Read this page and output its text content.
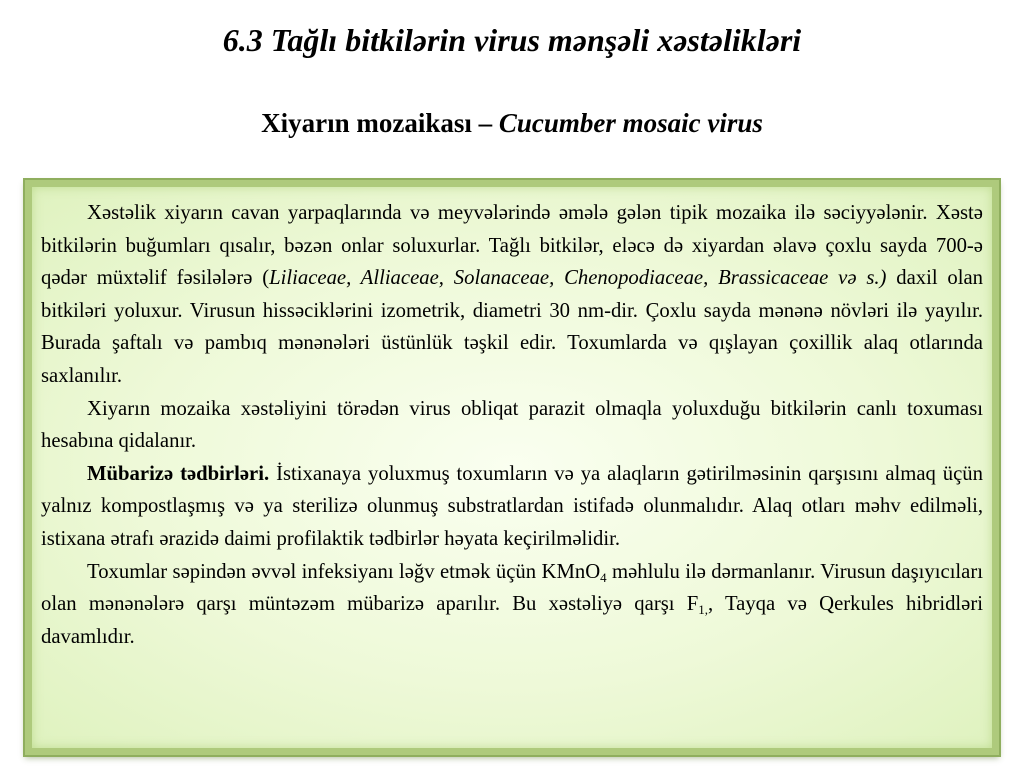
6.3 Tağlı bitkilərin virus mənşəli xəstəlikləri
Xiyarın mozaikası – Cucumber mosaic virus

Xəstəlik xiyarın cavan yarpaqlarında və meyvələrində əmələ gələn tipik mozaika ilə səciyyələnir. Xəstə bitkilərin buğumları qısalır, bəzən onlar soluxurlar. Tağlı bitkilər, eləcə də xiyardan əlavə çoxlu sayda 700-ə qədər müxtəlif fəsilələrə (Liliaceae, Alliaceae, Solanaceae, Chenopodiaceae, Brassicaceae və s.) daxil olan bitkiləri yoluxur. Virusun hissəciklərini izometrik, diametri 30 nm-dir. Çoxlu sayda mənənə növləri ilə yayılır. Burada şaftalı və pambıq mənənələri üstünlük təşkil edir. Toxumlarda və qışlayan çoxillik alaq otlarında saxlanılır.

Xiyarın mozaika xəstəliyini törədən virus obliqat parazit olmaqla yoluxduğu bitkilərin canlı toxuması hesabına qidalanır.

Mübarizə tədbirləri. İstixanaya yoluxmuş toxumların və ya alaqların gətirilməsinin qarşısını almaq üçün yalnız kompostlaşmış və ya sterilizə olunmuş substratlardan istifadə olunmalıdır. Alaq otları məhv edilməli, istixana ətrafı ərazidə daimi profilaktik tədbirlər həyata keçirilməlidir.

Toxumlar səpindən əvvəl infeksiyanı ləğv etmək üçün KMnO$_4$ məhlulu ilə dərmanlanır. Virusun daşıyıcıları olan mənənələrə qarşı müntəzəm mübarizə aparılır. Bu xəstəliyə qarşı $F_{1,}$, Tayqa və Qerkules hibridləri davamlıdır.
